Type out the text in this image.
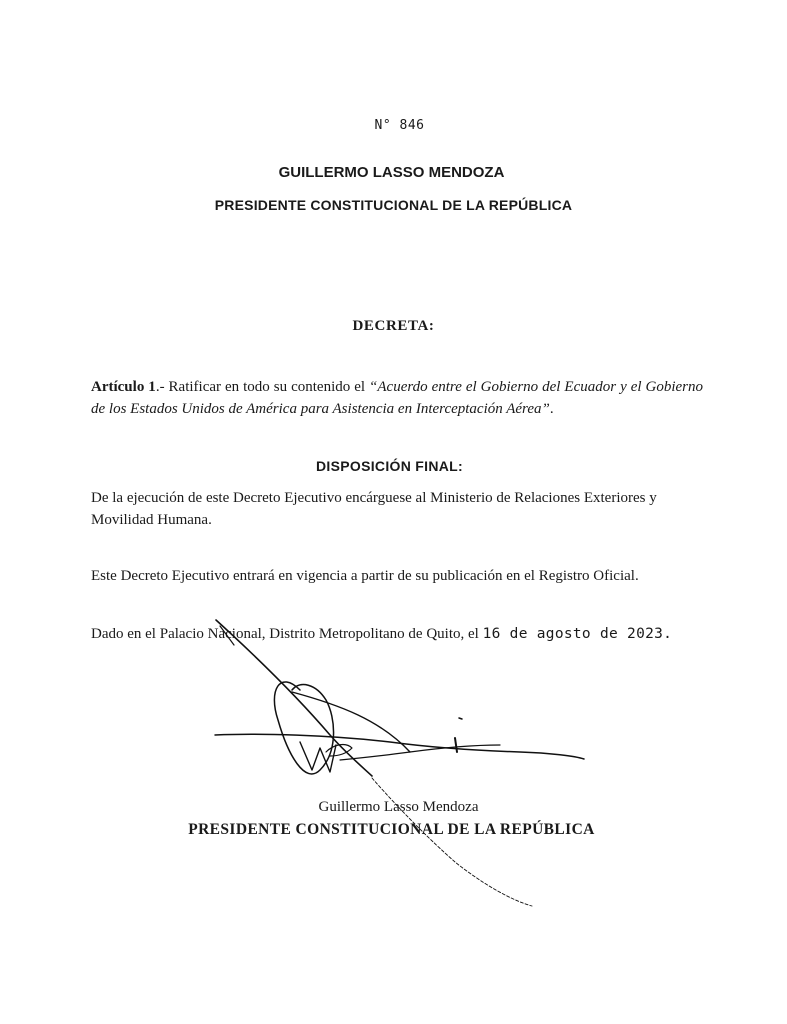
N° 846
GUILLERMO LASSO MENDOZA
PRESIDENTE CONSTITUCIONAL DE LA REPÚBLICA
DECRETA:
Artículo 1.- Ratificar en todo su contenido el “Acuerdo entre el Gobierno del Ecuador y el Gobierno de los Estados Unidos de América para Asistencia en Interceptación Aérea”.
DISPOSICIÓN FINAL:
De la ejecución de este Decreto Ejecutivo encárguese al Ministerio de Relaciones Exteriores y Movilidad Humana.
Este Decreto Ejecutivo entrará en vigencia a partir de su publicación en el Registro Oficial.
Dado en el Palacio Nacional, Distrito Metropolitano de Quito, el 16 de agosto de 2023.
Guillermo Lasso Mendoza
PRESIDENTE CONSTITUCIONAL DE LA REPÚBLICA
